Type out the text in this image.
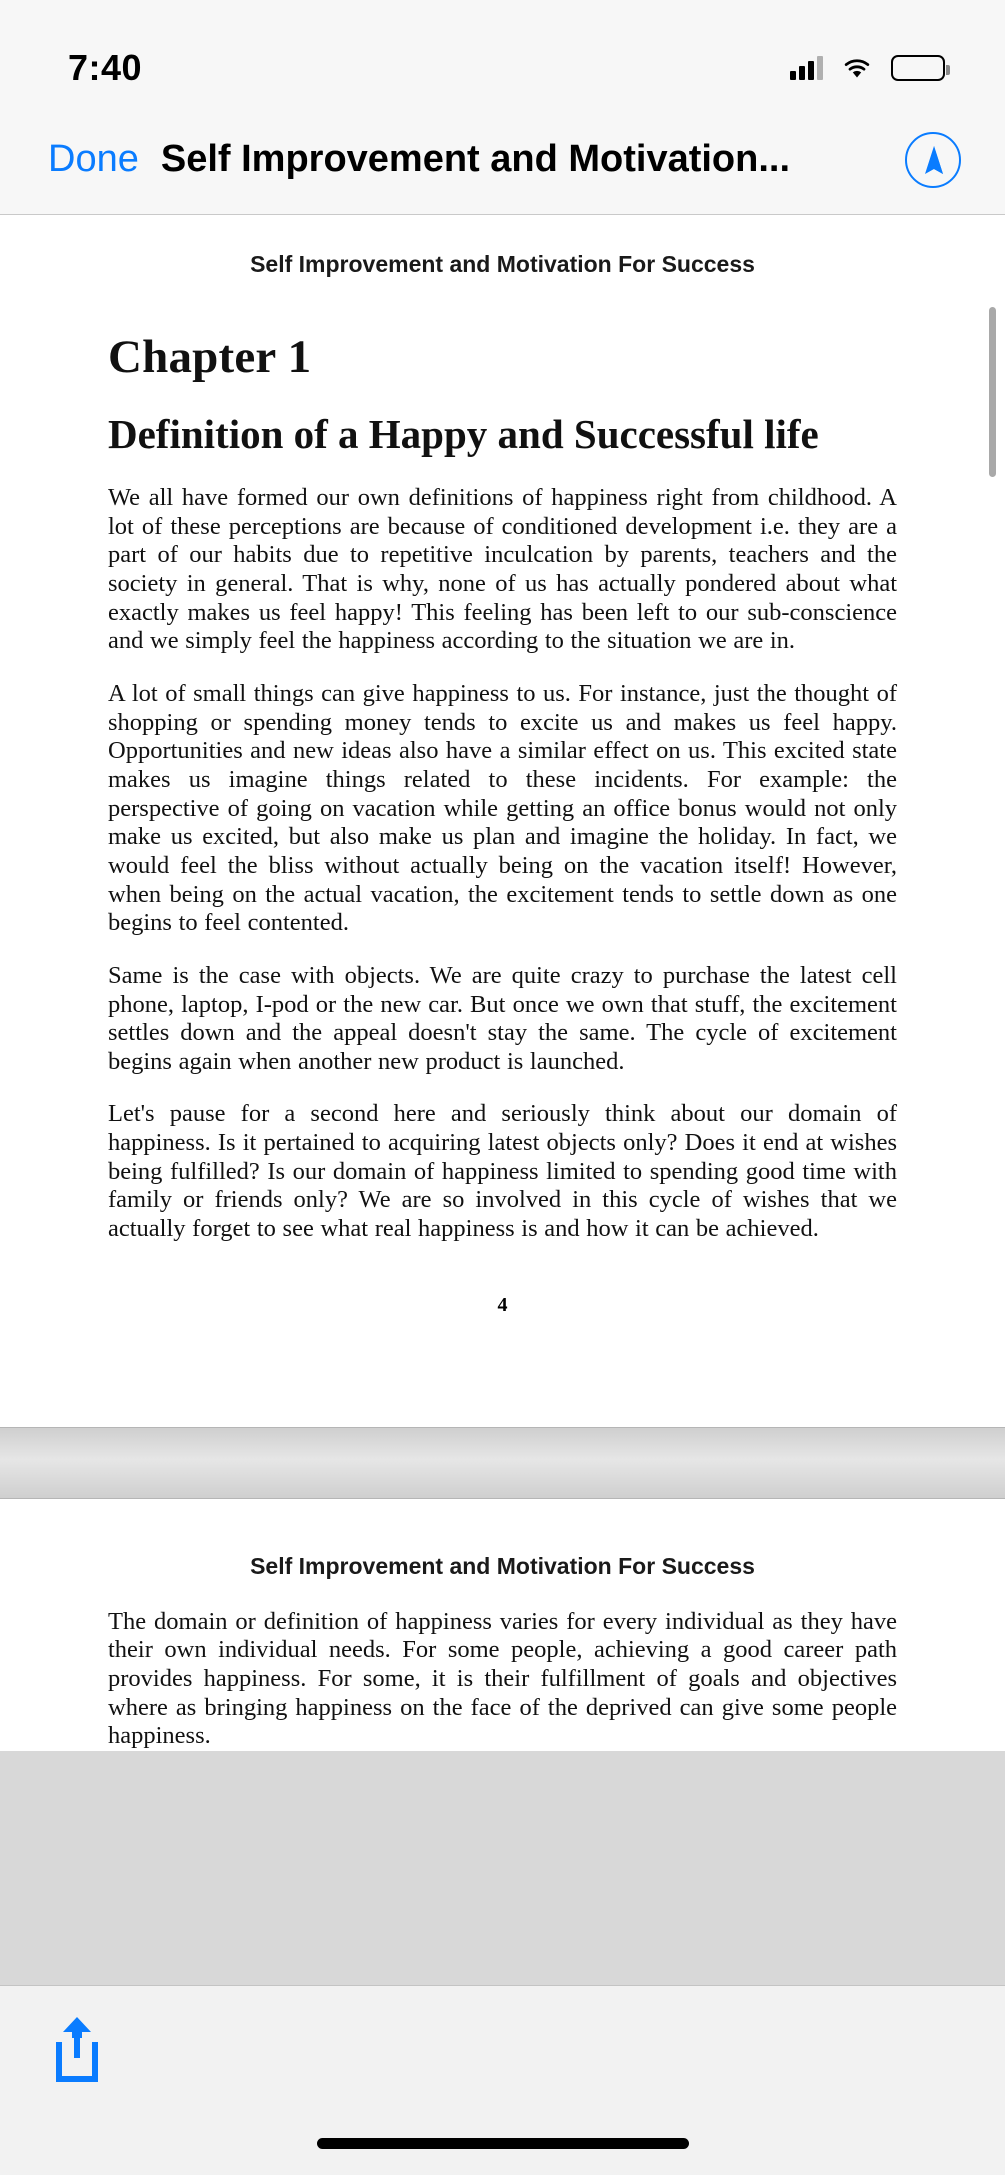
7:40
Done Self Improvement and Motivation...
Self Improvement and Motivation For Success
Chapter 1
Definition of a Happy and Successful life

We all have formed our own definitions of happiness right from childhood. A lot of these perceptions are because of conditioned development i.e. they are a part of our habits due to repetitive inculcation by parents, teachers and the society in general. That is why, none of us has actually pondered about what exactly makes us feel happy! This feeling has been left to our sub-conscience and we simply feel the happiness according to the situation we are in.

A lot of small things can give happiness to us. For instance, just the thought of shopping or spending money tends to excite us and makes us feel happy. Opportunities and new ideas also have a similar effect on us. This excited state makes us imagine things related to these incidents. For example: the perspective of going on vacation while getting an office bonus would not only make us excited, but also make us plan and imagine the holiday. In fact, we would feel the bliss without actually being on the vacation itself! However, when being on the actual vacation, the excitement tends to settle down as one begins to feel contented.

Same is the case with objects. We are quite crazy to purchase the latest cell phone, laptop, I-pod or the new car. But once we own that stuff, the excitement settles down and the appeal doesn't stay the same. The cycle of excitement begins again when another new product is launched.

Let's pause for a second here and seriously think about our domain of happiness. Is it pertained to acquiring latest objects only? Does it end at wishes being fulfilled? Is our domain of happiness limited to spending good time with family or friends only? We are so involved in this cycle of wishes that we actually forget to see what real happiness is and how it can be achieved.

4
Self Improvement and Motivation For Success

The domain or definition of happiness varies for every individual as they have their own individual needs. For some people, achieving a good career path provides happiness. For some, it is their fulfillment of goals and objectives where as bringing happiness on the face of the deprived can give some people happiness.
